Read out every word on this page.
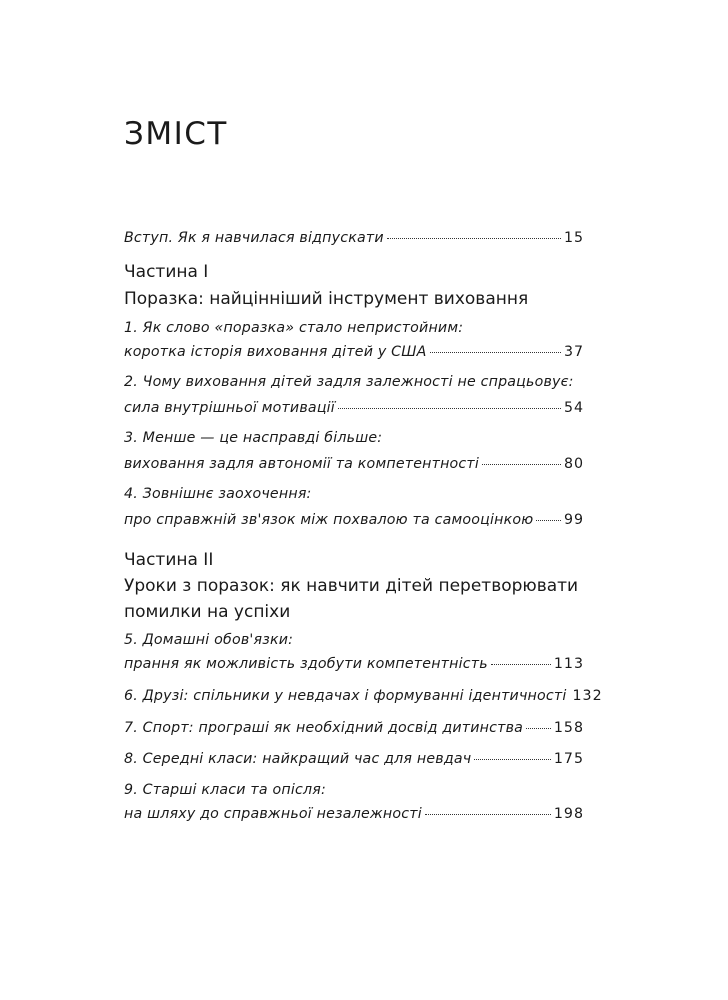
ЗМІСТ
Вступ. Як я навчилася відпускати	15
Частина І
Поразка: найцінніший інструмент виховання
1. Як слово «поразка» стало непристойним:
коротка історія виховання дітей у США	37
2. Чому виховання дітей задля залежності не спрацьовує:
сила внутрішньої мотивації	54
3. Менше — це насправді більше:
виховання задля автономії та компетентності	80
4. Зовнішнє заохочення:
про справжній зв'язок між похвалою та самооцінкою 99
Частина ІІ
Уроки з поразок: як навчити дітей перетворювати помилки на успіхи
5. Домашні обов'язки:
прання як можливість здобути компетентність	113
6. Друзі: спільники у невдачах і формуванні ідентичності 132
7. Спорт: програші як необхідний досвід дитинства 158
8. Середні класи: найкращий час для невдач	175
9. Старші класи та опісля:
на шляху до справжньої незалежності	198
